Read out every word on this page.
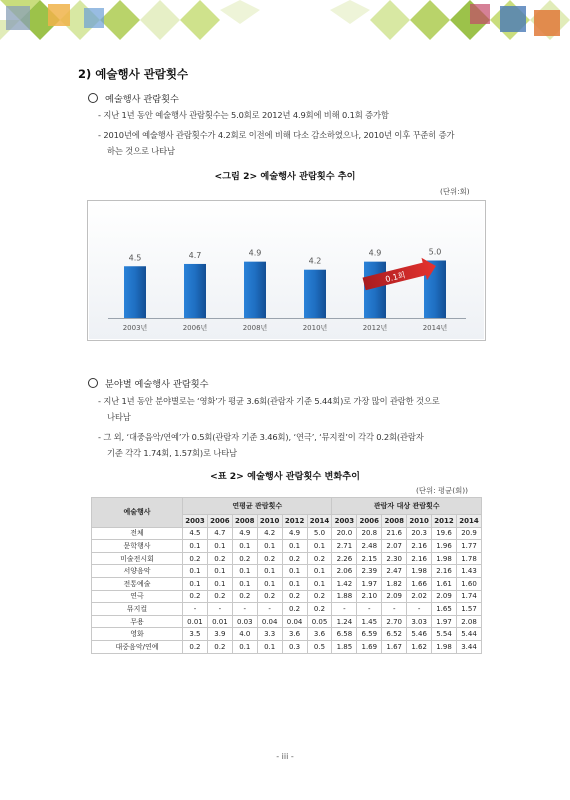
2) 예술행사 관람횟수
예술행사 관람횟수
- 지난 1년 동안 예술행사 관람횟수는 5.0회로 2012년 4.9회에 비해 0.1회 증가함
- 2010년에 예술행사 관람횟수가 4.2회로 이전에 비해 다소 감소하였으나, 2010년 이후 꾸준히 증가
하는 것으로 나타남
<그림 2> 예술행사 관람횟수 추이
(단위:회)
4.5
2003년
4.7
2006년
4.9
2008년
4.2
2010년
4.9
2012년
5.0
2014년
0.1회
분야별 예술행사 관람횟수
- 지난 1년 동안 분야별로는 ‘영화’가 평균 3.6회(관람자 기준 5.44회)로 가장 많이 관람한 것으로
나타남
- 그 외, ‘대중음악/연예’가 0.5회(관람자 기준 3.46회), ‘연극’, ‘뮤지컬’이 각각 0.2회(관람자
기준 각각 1.74회, 1.57회)로 나타남
<표 2> 예술행사 관람횟수 변화추이
(단위: 평균(회))
예술행사	연평균 관람횟수						관람자 대상 관람횟수					
	2003	2006	2008	2010	2012	2014	2003	2006	2008	2010	2012	2014
전체	4.5	4.7	4.9	4.2	4.9	5.0	20.0	20.8	21.6	20.3	19.6	20.9
문학행사	0.1	0.1	0.1	0.1	0.1	0.1	2.71	2.48	2.07	2.16	1.96	1.77
미술전시회	0.2	0.2	0.2	0.2	0.2	0.2	2.26	2.15	2.30	2.16	1.98	1.78
서양음악	0.1	0.1	0.1	0.1	0.1	0.1	2.06	2.39	2.47	1.98	2.16	1.43
전통예술	0.1	0.1	0.1	0.1	0.1	0.1	1.42	1.97	1.82	1.66	1.61	1.60
연극	0.2	0.2	0.2	0.2	0.2	0.2	1.88	2.10	2.09	2.02	2.09	1.74
뮤지컬	-	-	-	-	0.2	0.2	-	-	-	-	1.65	1.57
무용	0.01	0.01	0.03	0.04	0.04	0.05	1.24	1.45	2.70	3.03	1.97	2.08
영화	3.5	3.9	4.0	3.3	3.6	3.6	6.58	6.59	6.52	5.46	5.54	5.44
대중음악/연예	0.2	0.2	0.1	0.1	0.3	0.5	1.85	1.69	1.67	1.62	1.98	3.44
- iii -
